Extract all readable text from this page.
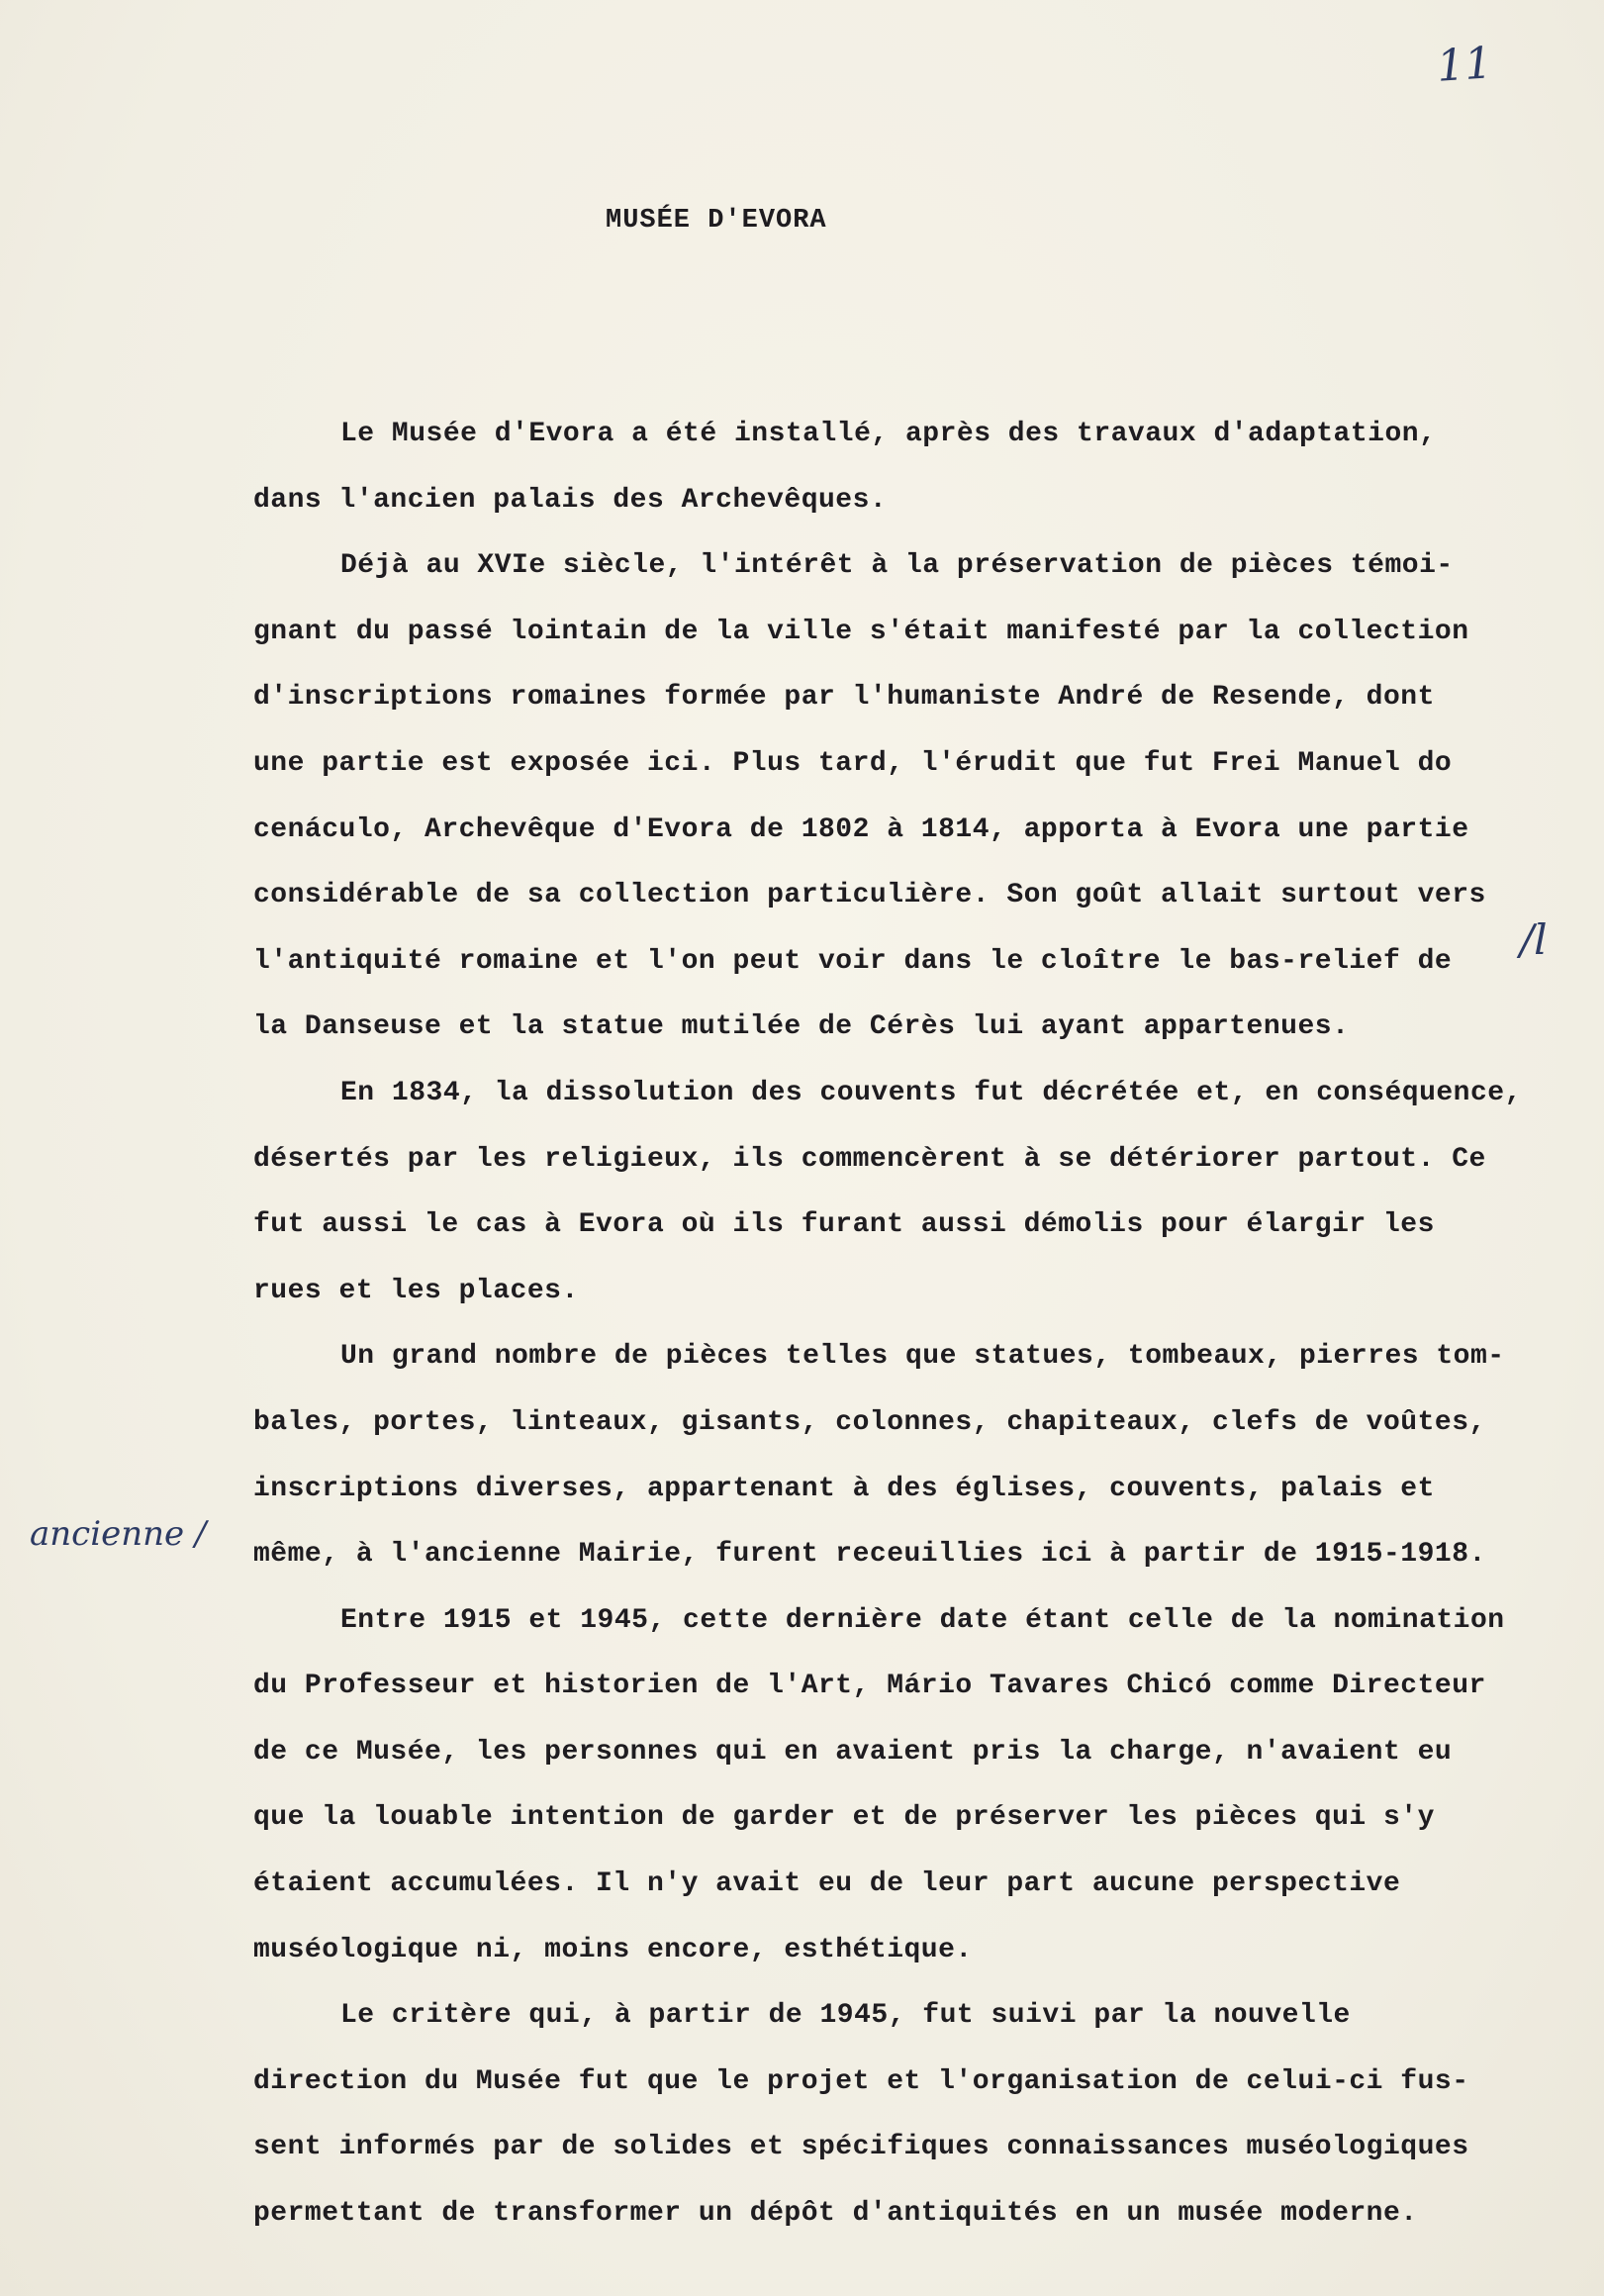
11
MUSÉE D'EVORA
/l
ancienne /
Le Musée d'Evora a été installé, après des travaux d'adaptation,
dans l'ancien palais des Archevêques.
Déjà au XVIe siècle, l'intérêt à la préservation de pièces témoi-
gnant du passé lointain de la ville s'était manifesté par la collection
d'inscriptions romaines formée par l'humaniste André de Resende, dont
une partie est exposée ici. Plus tard, l'érudit que fut Frei Manuel do
cenáculo, Archevêque d'Evora de 1802 à 1814, apporta à Evora une partie
considérable de sa collection particulière. Son goût allait surtout vers
l'antiquité romaine et l'on peut voir dans le cloître le bas-relief de
la Danseuse et la statue mutilée de Cérès lui ayant appartenues.
En 1834, la dissolution des couvents fut décrétée et, en conséquence,
désertés par les religieux, ils commencèrent à se détériorer partout. Ce
fut aussi le cas à Evora où ils furant aussi démolis pour élargir les
rues et les places.
Un grand nombre de pièces telles que statues, tombeaux, pierres tom-
bales, portes, linteaux, gisants, colonnes, chapiteaux, clefs de voûtes,
inscriptions diverses, appartenant à des églises, couvents, palais et
même, à l'ancienne Mairie, furent receuillies ici à partir de 1915-1918.
Entre 1915 et 1945, cette dernière date étant celle de la nomination
du Professeur et historien de l'Art, Mário Tavares Chicó comme Directeur
de ce Musée, les personnes qui en avaient pris la charge, n'avaient eu
que la louable intention de garder et de préserver les pièces qui s'y
étaient accumulées. Il n'y avait eu de leur part aucune perspective
muséologique ni, moins encore, esthétique.
Le critère qui, à partir de 1945, fut suivi par la nouvelle
direction du Musée fut que le projet et l'organisation de celui-ci fus-
sent informés par de solides et spécifiques connaissances muséologiques
permettant de transformer un dépôt d'antiquités en un musée moderne.
